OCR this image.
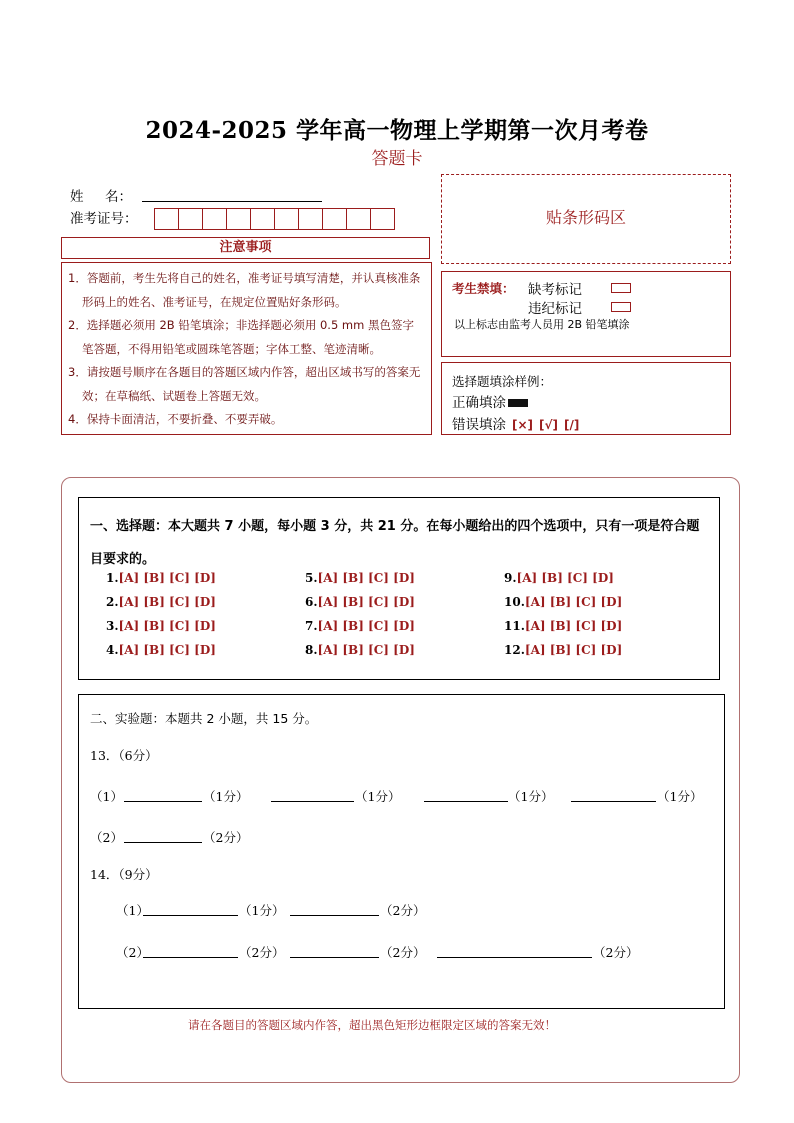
2024-2025 学年高一物理上学期第一次月考卷
答题卡
姓     名：
准考证号：
注意事项

1．答题前，考生先将自己的姓名，准考证号填写清楚，并认真核准条形码上的姓名、准考证号，在规定位置贴好条形码。

2．选择题必须用 2B 铅笔填涂；非选择题必须用 0.5 mm 黑色签字笔答题，不得用铅笔或圆珠笔答题；字体工整、笔迹清晰。

3．请按题号顺序在各题目的答题区域内作答，超出区域书写的答案无效；在草稿纸、试题卷上答题无效。

4．保持卡面清洁，不要折叠、不要弄破。

贴条形码区
考生禁填： 缺考标记
违纪标记
以上标志由监考人员用 2B 铅笔填涂
选择题填涂样例：
正确填涂
错误填涂 [×] [√] [/]
一、选择题：本大题共 7 小题，每小题 3 分，共 21 分。在每小题给出的四个选项中，只有一项是符合题目要求的。
1.[A] [B] [C] [D]
2.[A] [B] [C] [D]
3.[A] [B] [C] [D]
4.[A] [B] [C] [D]
5.[A] [B] [C] [D]
6.[A] [B] [C] [D]
7.[A] [B] [C] [D]
8.[A] [B] [C] [D]
9.[A] [B] [C] [D]
10.[A] [B] [C] [D]
11.[A] [B] [C] [D]
12.[A] [B] [C] [D]
二、实验题：本题共 2 小题，共 15 分。
13．（6分）
（1）	（1分）	（1分）	（1分）	（1分）
（2）	（2分）
14．（9分）
（1）	（1分）	（2分）
（2）	（2分）	（2分）	（2分）
请在各题目的答题区域内作答，超出黑色矩形边框限定区域的答案无效！
